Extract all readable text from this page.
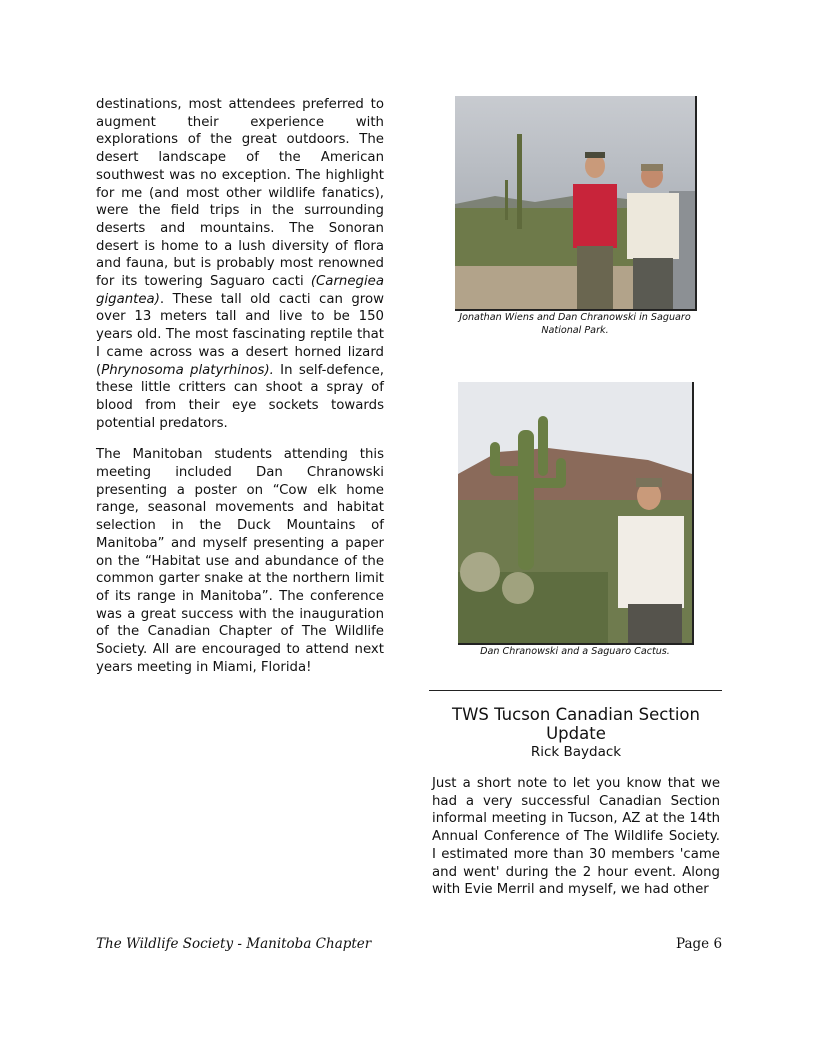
destinations, most attendees preferred to augment their experience with explorations of the great outdoors. The desert landscape of the American southwest was no exception. The highlight for me (and most other wildlife fanatics), were the field trips in the surrounding deserts and mountains. The Sonoran desert is home to a lush diversity of flora and fauna, but is probably most renowned for its towering Saguaro cacti (Carnegiea gigantea). These tall old cacti can grow over 13 meters tall and live to be 150 years old. The most fascinating reptile that I came across was a desert horned lizard (Phrynosoma platyrhinos). In self-defence, these little critters can shoot a spray of blood from their eye sockets towards potential predators.

The Manitoban students attending this meeting included Dan Chranowski presenting a poster on “Cow elk home range, seasonal movements and habitat selection in the Duck Mountains of Manitoba” and myself presenting a paper on the “Habitat use and abundance of the common garter snake at the northern limit of its range in Manitoba”. The conference was a great success with the inauguration of the Canadian Chapter of The Wildlife Society. All are encouraged to attend next years meeting in Miami, Florida!

Jonathan Wiens and Dan Chranowski in Saguaro National Park.
Dan Chranowski and a Saguaro Cactus.
TWS Tucson Canadian Section Update
Rick Baydack
Just a short note to let you know that we had a very successful Canadian Section informal meeting in Tucson, AZ at the 14th Annual Conference of The Wildlife Society. I estimated more than 30 members 'came and went' during the 2 hour event. Along with Evie Merril and myself, we had other
The Wildlife Society - Manitoba Chapter	Page 6
